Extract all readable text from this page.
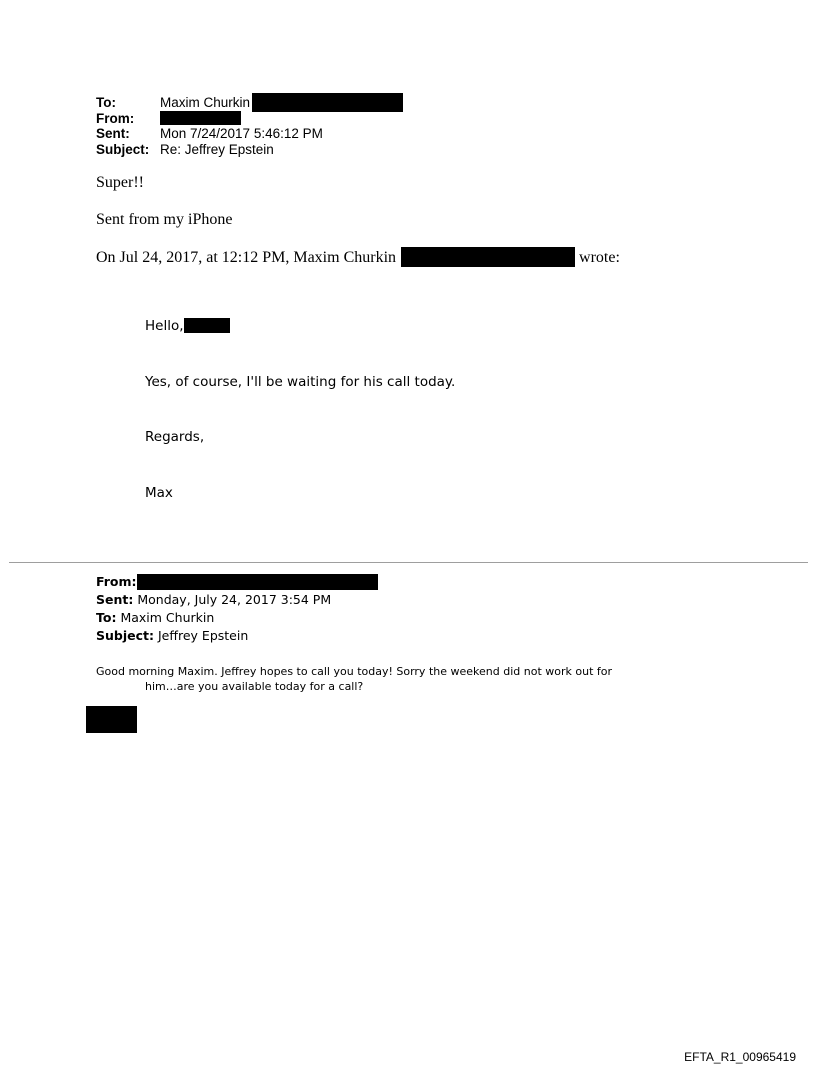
To:	Maxim Churkin
From:
Sent:	Mon 7/24/2017 5:46:12 PM
Subject: Re: Jeffrey Epstein
Super!!
Sent from my iPhone
On Jul 24, 2017, at 12:12 PM, Maxim Churkin	wrote:
Hello,
Yes, of course, I'll be waiting for his call today.
Regards,
Max
From:
Sent: Monday, July 24, 2017 3:54 PM
To: Maxim Churkin
Subject: Jeffrey Epstein
Good morning Maxim. Jeffrey hopes to call you today! Sorry the weekend did not work out for
him…are you available today for a call?
EFTA_R1_00965419
